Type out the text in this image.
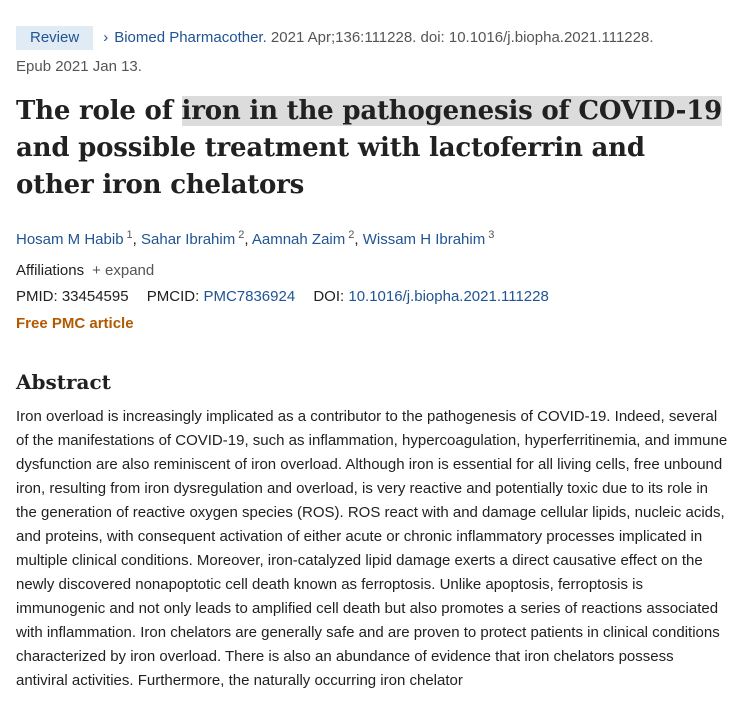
Review › Biomed Pharmacother. 2021 Apr;136:111228. doi: 10.1016/j.biopha.2021.111228.
Epub 2021 Jan 13.
The role of iron in the pathogenesis of COVID-19 and possible treatment with lactoferrin and other iron chelators
Hosam M Habib $^1$, Sahar Ibrahim $^2$, Aamnah Zaim $^2$, Wissam H Ibrahim $^3$
Affiliations + expand
PMID: 33454595 PMCID: PMC7836924 DOI: 10.1016/j.biopha.2021.111228
Free PMC article
Abstract

Iron overload is increasingly implicated as a contributor to the pathogenesis of COVID-19. Indeed, several of the manifestations of COVID-19, such as inflammation, hypercoagulation, hyperferritinemia, and immune dysfunction are also reminiscent of iron overload. Although iron is essential for all living cells, free unbound iron, resulting from iron dysregulation and overload, is very reactive and potentially toxic due to its role in the generation of reactive oxygen species (ROS). ROS react with and damage cellular lipids, nucleic acids, and proteins, with consequent activation of either acute or chronic inflammatory processes implicated in multiple clinical conditions. Moreover, iron-catalyzed lipid damage exerts a direct causative effect on the newly discovered nonapoptotic cell death known as ferroptosis. Unlike apoptosis, ferroptosis is immunogenic and not only leads to amplified cell death but also promotes a series of reactions associated with inflammation. Iron chelators are generally safe and are proven to protect patients in clinical conditions characterized by iron overload. There is also an abundance of evidence that iron chelators possess antiviral activities. Furthermore, the naturally occurring iron chelator
